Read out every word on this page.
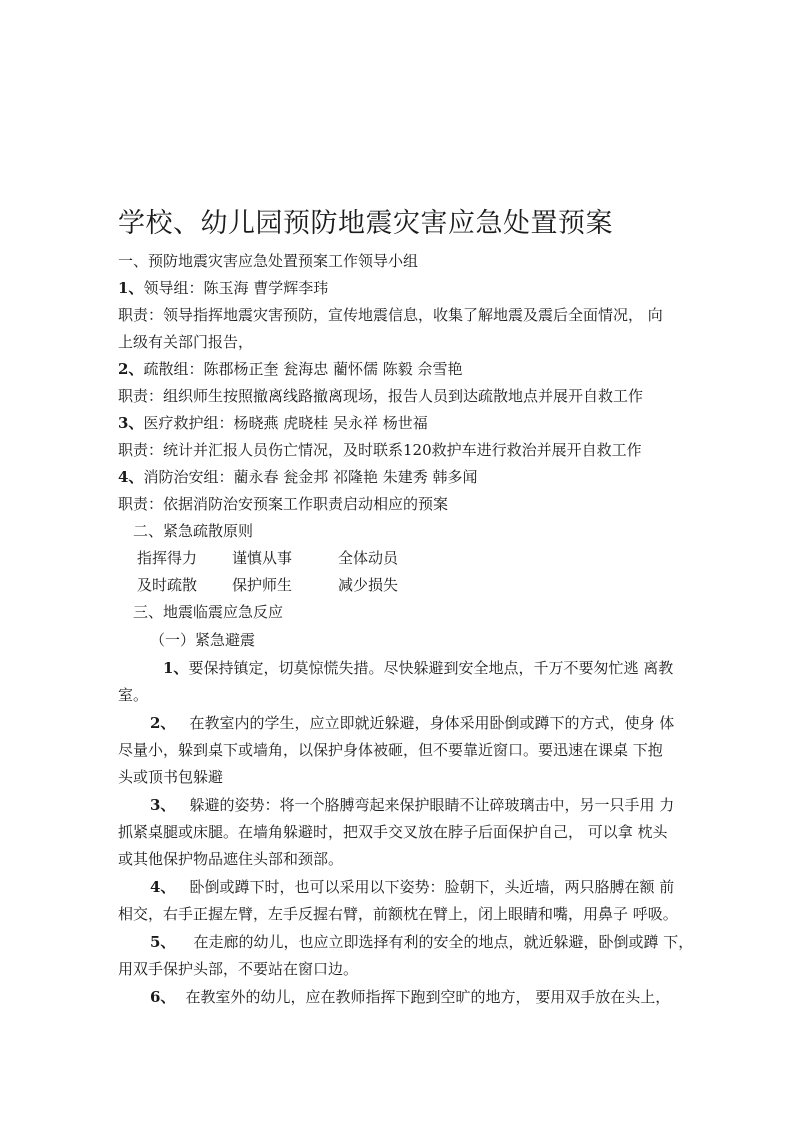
学校、幼儿园预防地震灾害应急处置预案
一、预防地震灾害应急处置预案工作领导小组
1、领导组：陈玉海 曹学辉李玮
职责：领导指挥地震灾害预防，宣传地震信息，收集了解地震及震后全面情况， 向
上级有关部门报告，
2、疏散组：陈郡杨正奎 瓮海忠 藺怀儒 陈毅 佘雪艳
职责：组织师生按照撤离线路撤离现场，报告人员到达疏散地点并展开自救工作
3、医疗救护组：杨晓燕 虎晓桂 吴永祥 杨世福
职责：统计并汇报人员伤亡情况，及时联系120救护车进行救治并展开自救工作
4、消防治安组：藺永春 瓮金邦 祁隆艳 朱建秀 韩多闻
职责：依据消防治安预案工作职责启动相应的预案
二、紧急疏散原则
指挥得力 谨慎从事	全体动员
及时疏散 保护师生	减少损失
三、地震临震应急反应
（一）紧急避震
1、要保持镇定，切莫惊慌失措。尽快躲避到安全地点，千万不要匆忙逃 离教
室。
2、 在教室内的学生，应立即就近躲避，身体采用卧倒或蹲下的方式，使身 体
尽量小，躲到桌下或墙角，以保护身体被砸，但不要靠近窗口。要迅速在课桌 下抱
头或顶书包躲避
3、 躲避的姿势：将一个胳膊弯起来保护眼睛不让碎玻璃击中，另一只手用 力
抓紧桌腿或床腿。在墙角躲避时，把双手交叉放在脖子后面保护自己， 可以拿 枕头
或其他保护物品遮住头部和颈部。
4、 卧倒或蹲下时，也可以采用以下姿势：脸朝下，头近墙，两只胳膊在额 前
相交，右手正握左臂，左手反握右臂，前额枕在臂上，闭上眼睛和嘴，用鼻子 呼吸。
5、 在走廊的幼儿，也应立即选择有利的安全的地点，就近躲避，卧倒或蹲 下，
用双手保护头部，不要站在窗口边。
6、 在教室外的幼儿，应在教师指挥下跑到空旷的地方， 要用双手放在头上，
